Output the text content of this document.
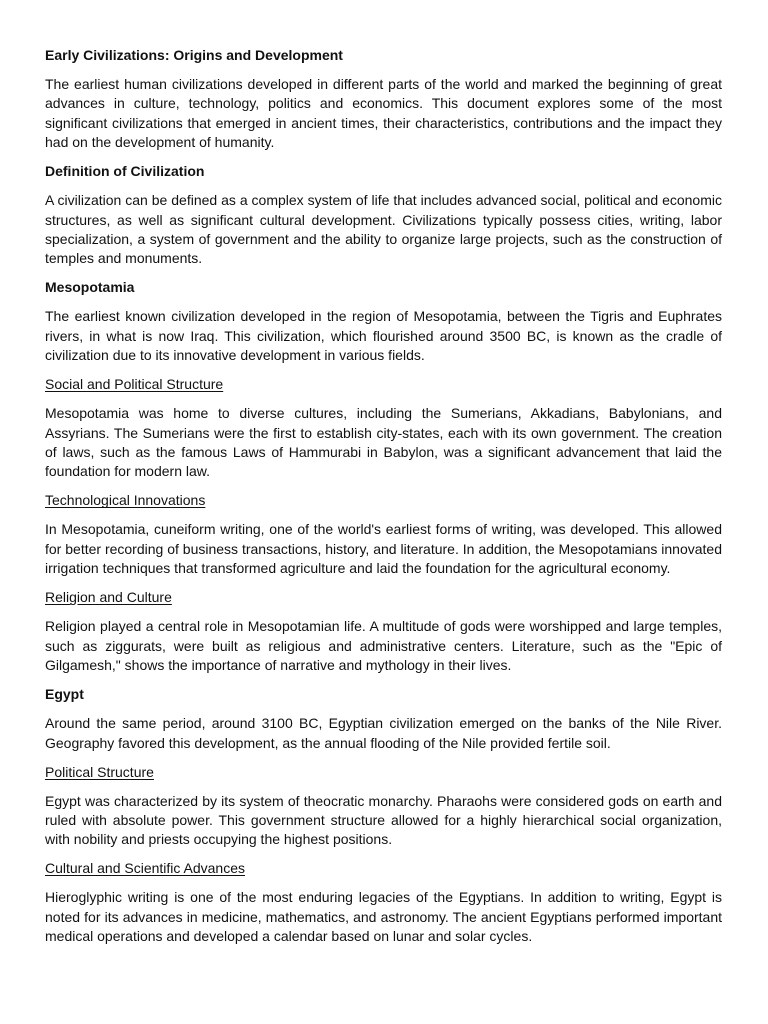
Early Civilizations: Origins and Development

The earliest human civilizations developed in different parts of the world and marked the beginning of great advances in culture, technology, politics and economics. This document explores some of the most significant civilizations that emerged in ancient times, their characteristics, contributions and the impact they had on the development of humanity.

Definition of Civilization

A civilization can be defined as a complex system of life that includes advanced social, political and economic structures, as well as significant cultural development. Civilizations typically possess cities, writing, labor specialization, a system of government and the ability to organize large projects, such as the construction of temples and monuments.

Mesopotamia

The earliest known civilization developed in the region of Mesopotamia, between the Tigris and Euphrates rivers, in what is now Iraq. This civilization, which flourished around 3500 BC, is known as the cradle of civilization due to its innovative development in various fields.

Social and Political Structure

Mesopotamia was home to diverse cultures, including the Sumerians, Akkadians, Babylonians, and Assyrians. The Sumerians were the first to establish city-states, each with its own government. The creation of laws, such as the famous Laws of Hammurabi in Babylon, was a significant advancement that laid the foundation for modern law.

Technological Innovations

In Mesopotamia, cuneiform writing, one of the world's earliest forms of writing, was developed. This allowed for better recording of business transactions, history, and literature. In addition, the Mesopotamians innovated irrigation techniques that transformed agriculture and laid the foundation for the agricultural economy.

Religion and Culture

Religion played a central role in Mesopotamian life. A multitude of gods were worshipped and large temples, such as ziggurats, were built as religious and administrative centers. Literature, such as the "Epic of Gilgamesh," shows the importance of narrative and mythology in their lives.

Egypt

Around the same period, around 3100 BC, Egyptian civilization emerged on the banks of the Nile River. Geography favored this development, as the annual flooding of the Nile provided fertile soil.

Political Structure

Egypt was characterized by its system of theocratic monarchy. Pharaohs were considered gods on earth and ruled with absolute power. This government structure allowed for a highly hierarchical social organization, with nobility and priests occupying the highest positions.

Cultural and Scientific Advances

Hieroglyphic writing is one of the most enduring legacies of the Egyptians. In addition to writing, Egypt is noted for its advances in medicine, mathematics, and astronomy. The ancient Egyptians performed important medical operations and developed a calendar based on lunar and solar cycles.
